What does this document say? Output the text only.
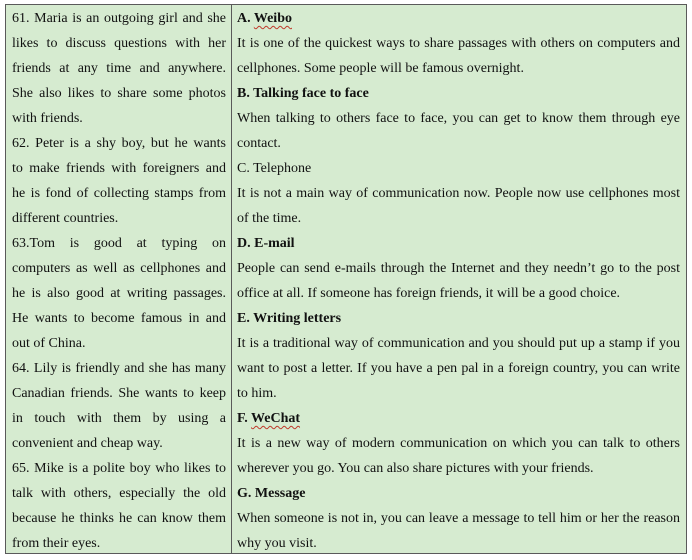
61. Maria is an outgoing girl and she
likes to discuss questions with her
friends at any time and anywhere.
She also likes to share some photos
with friends.
62. Peter is a shy boy, but he wants
to make friends with foreigners and
he is fond of collecting stamps from
different countries.
63.Tom is good at typing on
computers as well as cellphones and
he is also good at writing passages.
He wants to become famous in and
out of China.
64. Lily is friendly and she has many
Canadian friends. She wants to keep
in touch with them by using a
convenient and cheap way.
65. Mike is a polite boy who likes to
talk with others, especially the old
because he thinks he can know them
from their eyes.
A. Weibo
It is one of the quickest ways to share passages with others on computers and
cellphones. Some people will be famous overnight.
B. Talking face to face
When talking to others face to face, you can get to know them through eye
contact.
C. Telephone
It is not a main way of communication now. People now use cellphones most
of the time.
D. E-mail
People can send e-mails through the Internet and they needn’t go to the post
office at all. If someone has foreign friends, it will be a good choice.
E. Writing letters
It is a traditional way of communication and you should put up a stamp if you
want to post a letter. If you have a pen pal in a foreign country, you can write
to him.
F. WeChat
It is a new way of modern communication on which you can talk to others
wherever you go. You can also share pictures with your friends.
G. Message
When someone is not in, you can leave a message to tell him or her the reason
why you visit.
